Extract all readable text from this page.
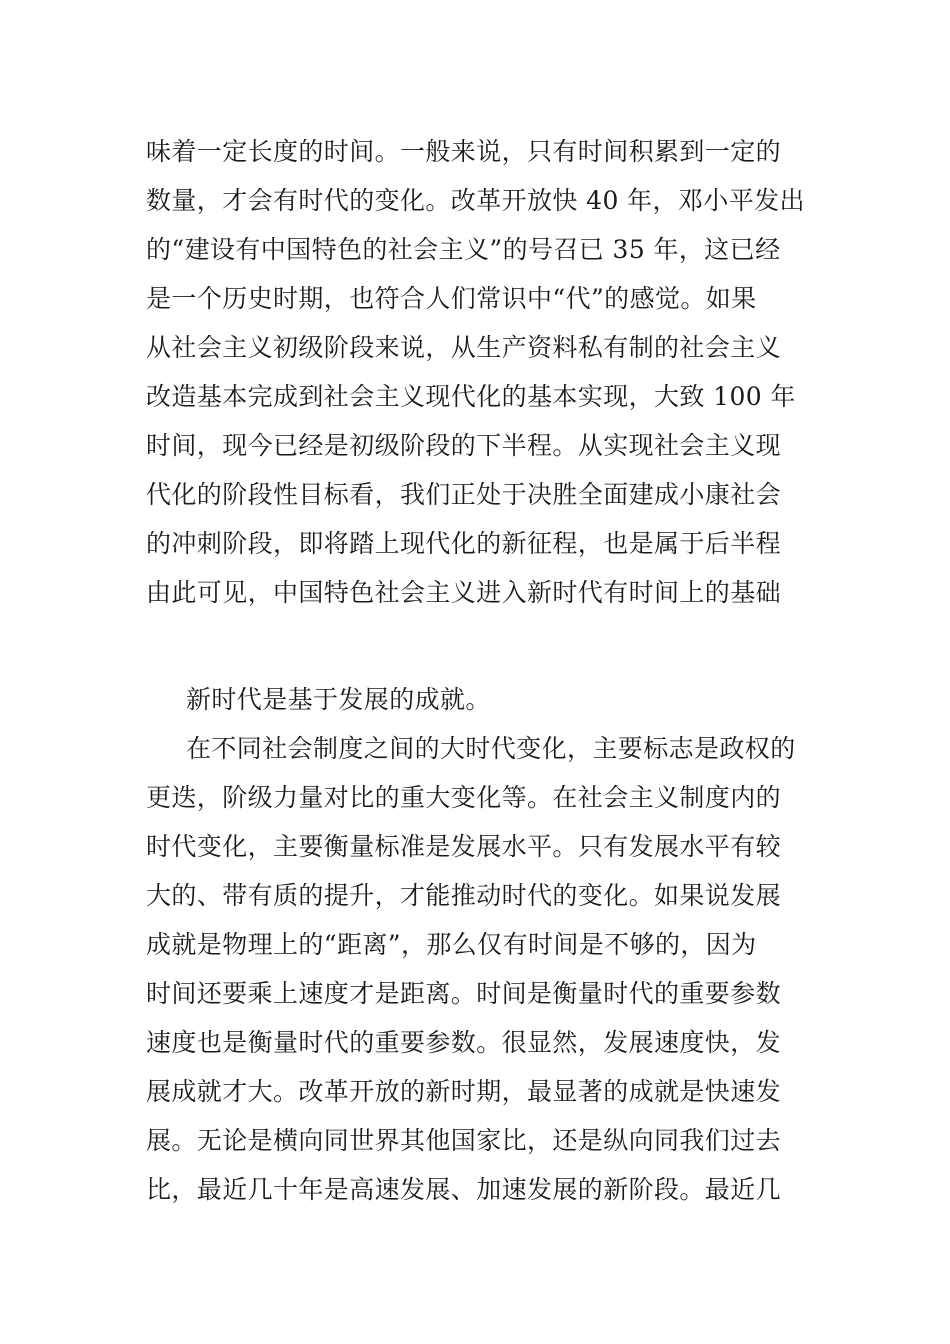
味着一定长度的时间。一般来说，只有时间积累到一定的
数量，才会有时代的变化。改革开放快 40 年，邓小平发出
的“建设有中国特色的社会主义”的号召已 35 年，这已经
是一个历史时期，也符合人们常识中“代”的感觉。如果
从社会主义初级阶段来说，从生产资料私有制的社会主义
改造基本完成到社会主义现代化的基本实现，大致 100 年
时间，现今已经是初级阶段的下半程。从实现社会主义现
代化的阶段性目标看，我们正处于决胜全面建成小康社会
的冲刺阶段，即将踏上现代化的新征程，也是属于后半程
由此可见，中国特色社会主义进入新时代有时间上的基础
新时代是基于发展的成就。
在不同社会制度之间的大时代变化，主要标志是政权的
更迭，阶级力量对比的重大变化等。在社会主义制度内的
时代变化，主要衡量标准是发展水平。只有发展水平有较
大的、带有质的提升，才能推动时代的变化。如果说发展
成就是物理上的“距离”，那么仅有时间是不够的，因为
时间还要乘上速度才是距离。时间是衡量时代的重要参数
速度也是衡量时代的重要参数。很显然，发展速度快，发
展成就才大。改革开放的新时期，最显著的成就是快速发
展。无论是横向同世界其他国家比，还是纵向同我们过去
比，最近几十年是高速发展、加速发展的新阶段。最近几
